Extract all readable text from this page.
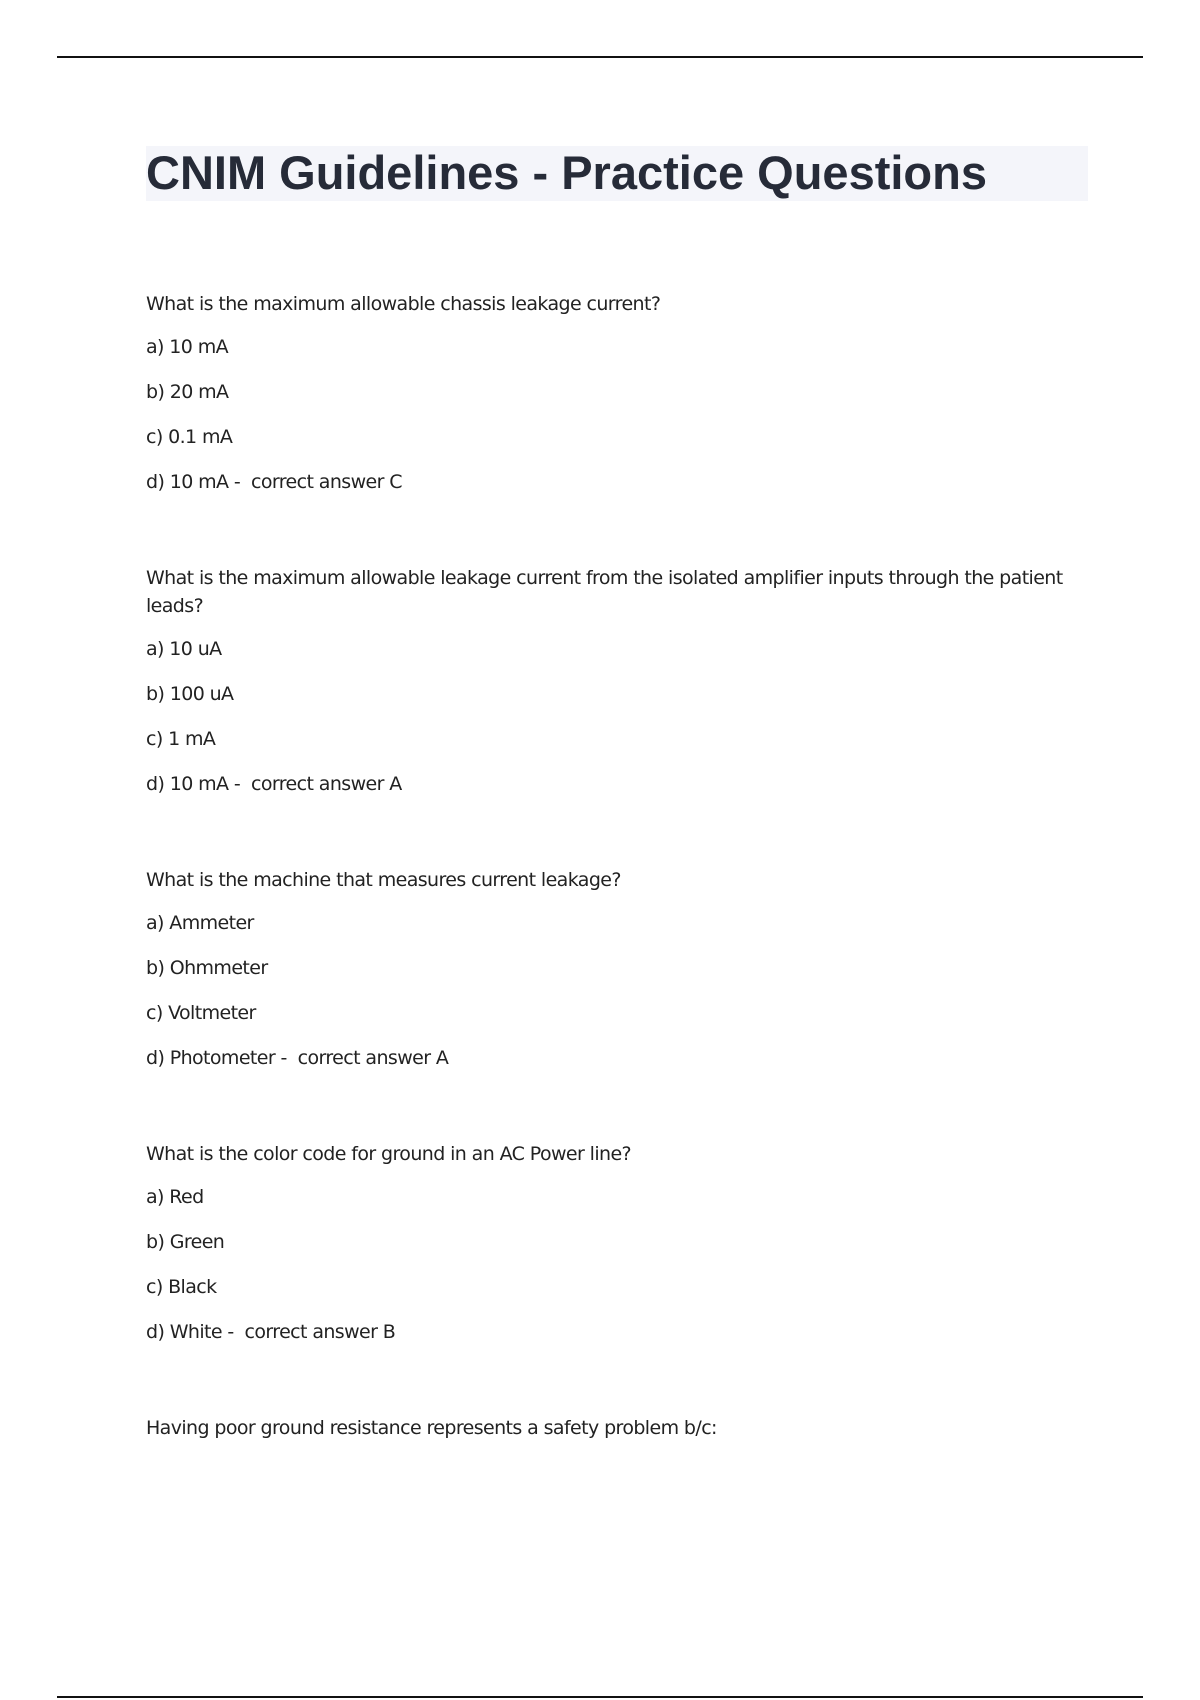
CNIM Guidelines - Practice Questions

What is the maximum allowable chassis leakage current?

a) 10 mA
b) 20 mA
c) 0.1 mA
d) 10 mA -  correct answer C

What is the maximum allowable leakage current from the isolated amplifier inputs through the patient leads?

a) 10 uA
b) 100 uA
c) 1 mA
d) 10 mA -  correct answer A

What is the machine that measures current leakage?

a) Ammeter
b) Ohmmeter
c) Voltmeter
d) Photometer -  correct answer A

What is the color code for ground in an AC Power line?

a) Red
b) Green
c) Black
d) White -  correct answer B

Having poor ground resistance represents a safety problem b/c:
